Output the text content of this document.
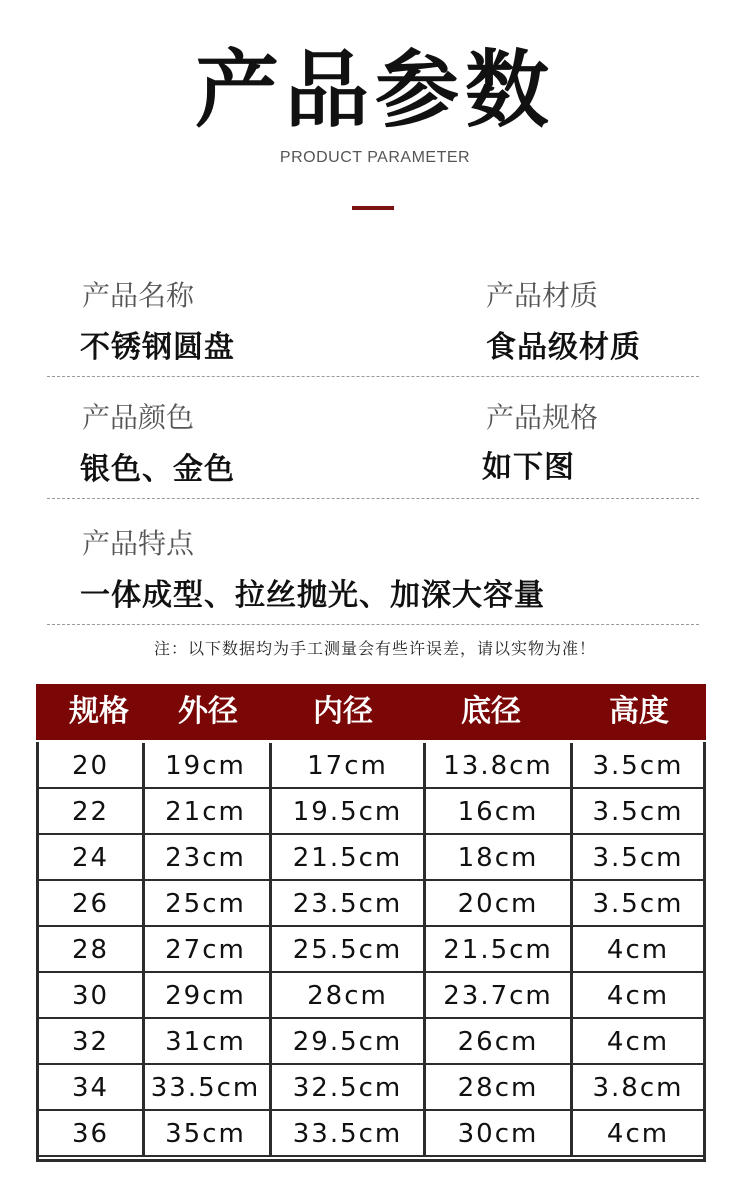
产品参数
PRODUCT PARAMETER
产品名称
不锈钢圆盘
产品材质
食品级材质
产品颜色
银色、金色
产品规格
如下图
产品特点
一体成型、拉丝抛光、加深大容量
注：以下数据均为手工测量会有些许误差，请以实物为准！
规格	外径	内径	底径	高度
20	19cm	17cm	13.8cm	3.5cm
22	21cm	19.5cm	16cm	3.5cm
24	23cm	21.5cm	18cm	3.5cm
26	25cm	23.5cm	20cm	3.5cm
28	27cm	25.5cm	21.5cm	4cm
30	29cm	28cm	23.7cm	4cm
32	31cm	29.5cm	26cm	4cm
34	33.5cm	32.5cm	28cm	3.8cm
36	35cm	33.5cm	30cm	4cm
